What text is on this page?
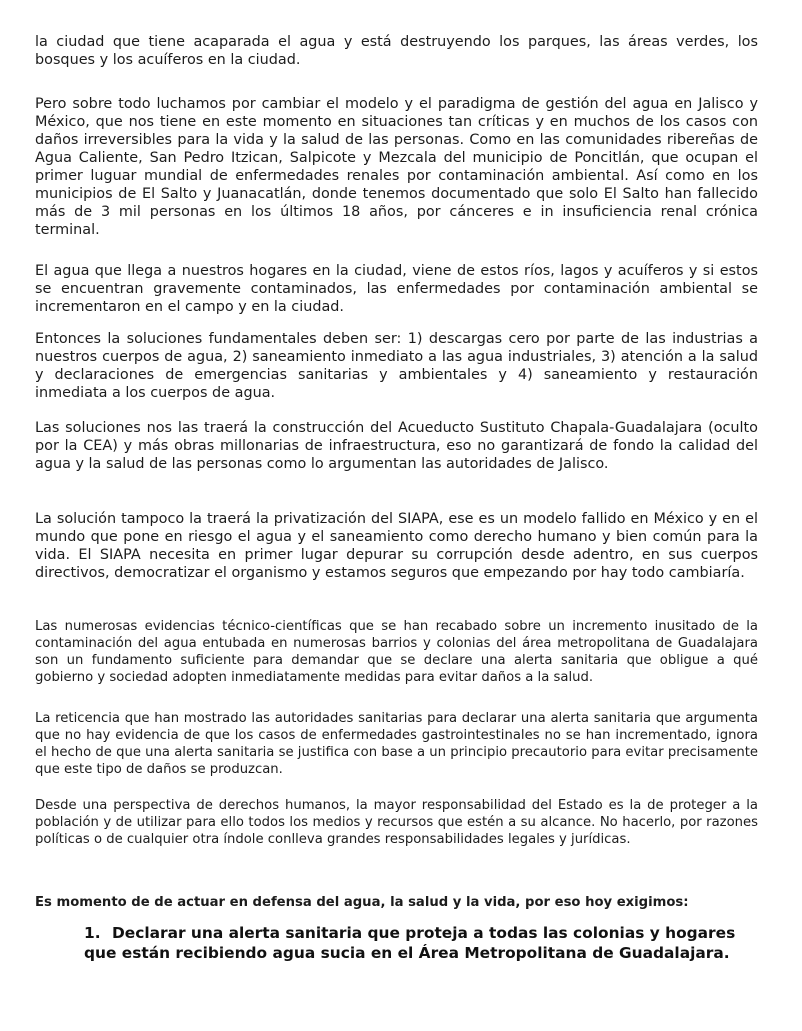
la ciudad que tiene acaparada el agua y está destruyendo los parques, las áreas verdes, los bosques y los acuíferos en la ciudad.

Pero sobre todo luchamos por cambiar el modelo y el paradigma de gestión del agua en Jalisco y México, que nos tiene en este momento en situaciones tan críticas y en muchos de los casos con daños irreversibles para la vida y la salud de las personas. Como en las comunidades ribereñas de Agua Caliente, San Pedro Itzican, Salpicote y Mezcala del municipio de Poncitlán, que ocupan el primer luguar mundial de enfermedades renales por contaminación ambiental. Así como en los municipios de El Salto y Juanacatlán, donde tenemos documentado que solo El Salto han fallecido más de 3 mil personas en los últimos 18 años, por cánceres e in insuficiencia renal crónica terminal.

El agua que llega a nuestros hogares en la ciudad, viene de estos ríos, lagos y acuíferos y si estos se encuentran gravemente contaminados, las enfermedades por contaminación ambiental se incrementaron en el campo y en la ciudad.

Entonces la soluciones fundamentales deben ser: 1) descargas cero por parte de las industrias a nuestros cuerpos de agua, 2) saneamiento inmediato a las agua industriales, 3) atención a la salud y declaraciones de emergencias sanitarias y ambientales y 4) saneamiento y restauración inmediata a los cuerpos de agua.

Las soluciones nos las traerá la construcción del Acueducto Sustituto Chapala-Guadalajara (oculto por la CEA) y más obras millonarias de infraestructura, eso no garantizará de fondo la calidad del agua y la salud de las personas como lo argumentan las autoridades de Jalisco.

La solución tampoco la traerá la privatización del SIAPA, ese es un modelo fallido en México y en el mundo que pone en riesgo el agua y el saneamiento como derecho humano y bien común para la vida. El SIAPA necesita en primer lugar depurar su corrupción desde adentro, en sus cuerpos directivos, democratizar el organismo y estamos seguros que empezando por hay todo cambiaría.

Las numerosas evidencias técnico-científicas que se han recabado sobre un incremento inusitado de la contaminación del agua entubada en numerosas barrios y colonias del área metropolitana de Guadalajara son un fundamento suficiente para demandar que se declare una alerta sanitaria que obligue a qué gobierno y sociedad adopten inmediatamente medidas para evitar daños a la salud.

La reticencia que han mostrado las autoridades sanitarias para declarar una alerta sanitaria que argumenta que no hay evidencia de que los casos de enfermedades gastrointestinales no se han incrementado, ignora el hecho de que una alerta sanitaria se justifica con base a un principio precautorio para evitar precisamente que este tipo de daños se produzcan.

Desde una perspectiva de derechos humanos, la mayor responsabilidad del Estado es la de proteger a la población y de utilizar para ello todos los medios y recursos que estén a su alcance. No hacerlo, por razones políticas o de cualquier otra índole conlleva grandes responsabilidades legales y jurídicas.

Es momento de de actuar en defensa del agua, la salud y la vida, por eso hoy exigimos:

1. Declarar una alerta sanitaria que proteja a todas las colonias y hogares que están recibiendo agua sucia en el Área Metropolitana de Guadalajara.
